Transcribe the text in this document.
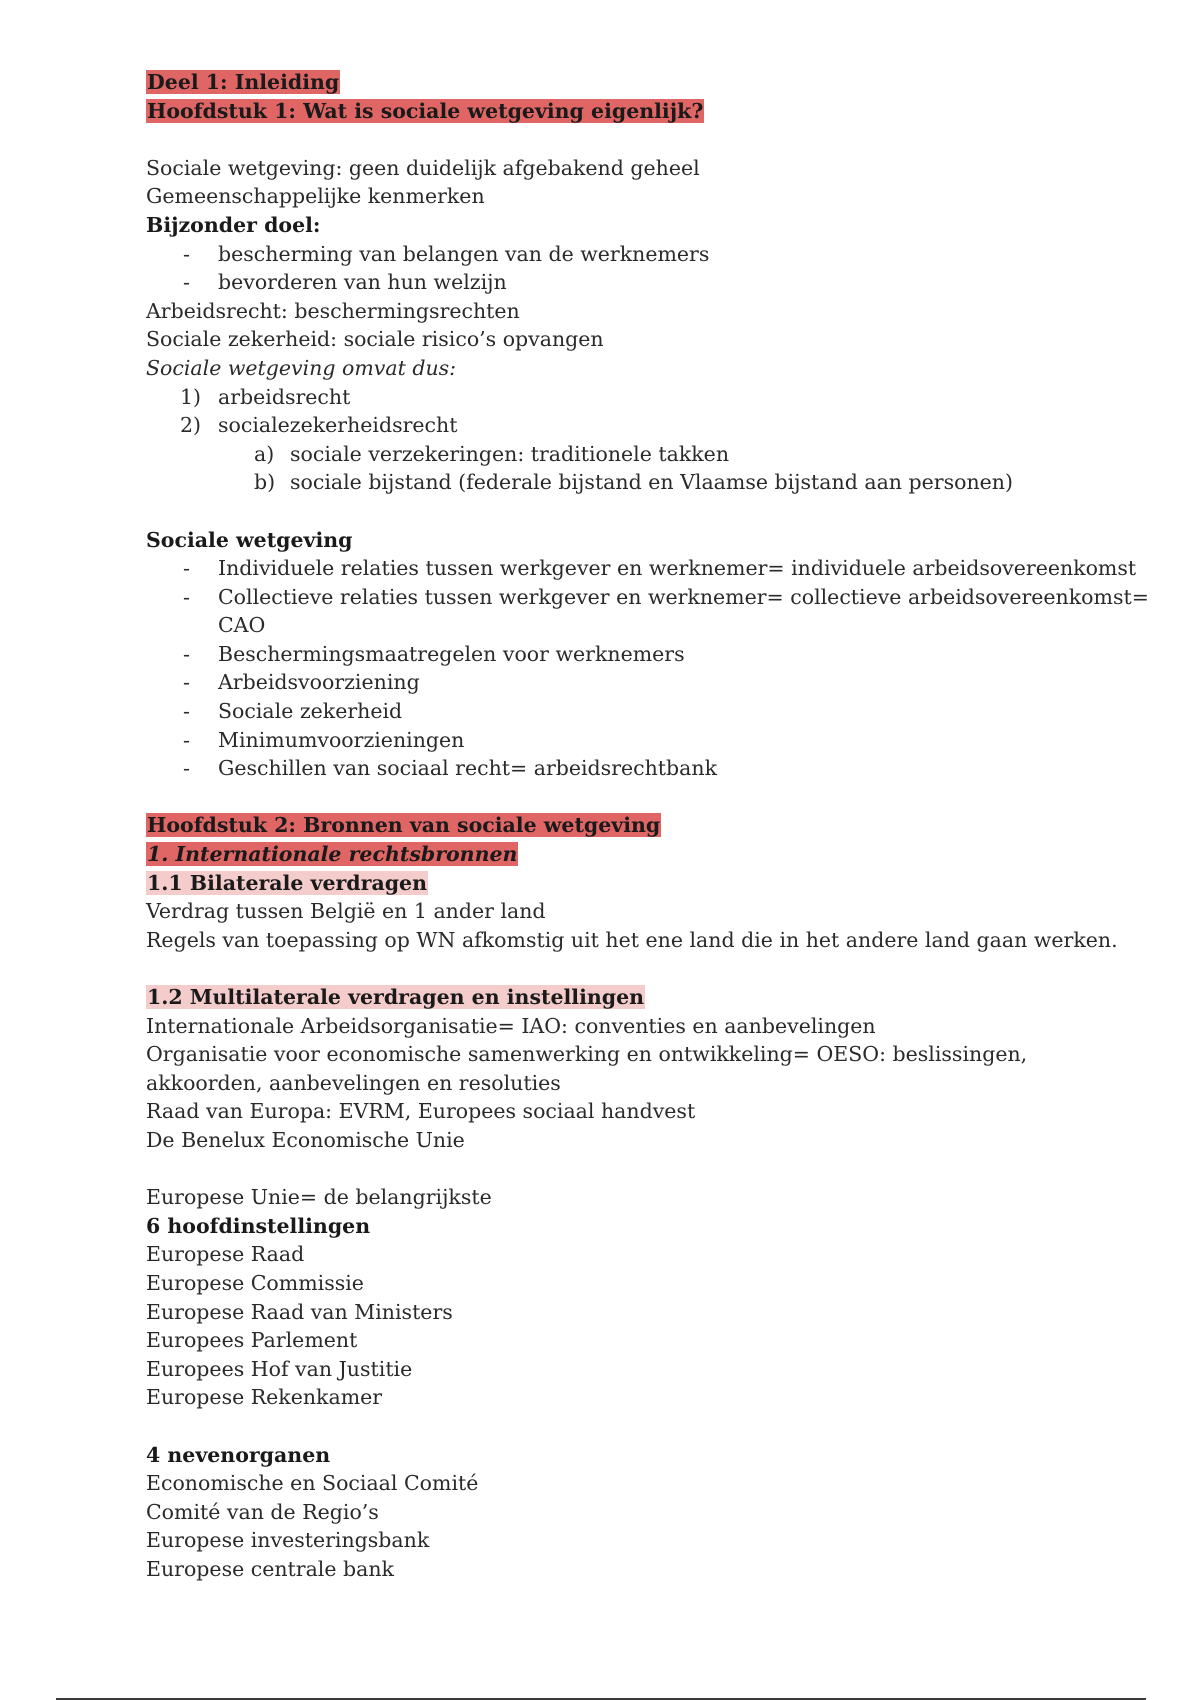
Deel 1: Inleiding
Hoofdstuk 1: Wat is sociale wetgeving eigenlijk?
Sociale wetgeving: geen duidelijk afgebakend geheel
Gemeenschappelijke kenmerken
Bijzonder doel:
- bescherming van belangen van de werknemers
- bevorderen van hun welzijn
Arbeidsrecht: beschermingsrechten
Sociale zekerheid: sociale risico’s opvangen
Sociale wetgeving omvat dus:
1) arbeidsrecht
2) socialezekerheidsrecht
a) sociale verzekeringen: traditionele takken
b) sociale bijstand (federale bijstand en Vlaamse bijstand aan personen)
Sociale wetgeving
- Individuele relaties tussen werkgever en werknemer= individuele arbeidsovereenkomst
- Collectieve relaties tussen werkgever en werknemer= collectieve arbeidsovereenkomst=
CAO
- Beschermingsmaatregelen voor werknemers
- Arbeidsvoorziening
- Sociale zekerheid
- Minimumvoorzieningen
- Geschillen van sociaal recht= arbeidsrechtbank
Hoofdstuk 2: Bronnen van sociale wetgeving
1. Internationale rechtsbronnen
1.1 Bilaterale verdragen
Verdrag tussen België en 1 ander land
Regels van toepassing op WN afkomstig uit het ene land die in het andere land gaan werken.
1.2 Multilaterale verdragen en instellingen
Internationale Arbeidsorganisatie= IAO: conventies en aanbevelingen
Organisatie voor economische samenwerking en ontwikkeling= OESO: beslissingen,
akkoorden, aanbevelingen en resoluties
Raad van Europa: EVRM, Europees sociaal handvest
De Benelux Economische Unie
Europese Unie= de belangrijkste
6 hoofdinstellingen
Europese Raad
Europese Commissie
Europese Raad van Ministers
Europees Parlement
Europees Hof van Justitie
Europese Rekenkamer
4 nevenorganen
Economische en Sociaal Comité
Comité van de Regio’s
Europese investeringsbank
Europese centrale bank
